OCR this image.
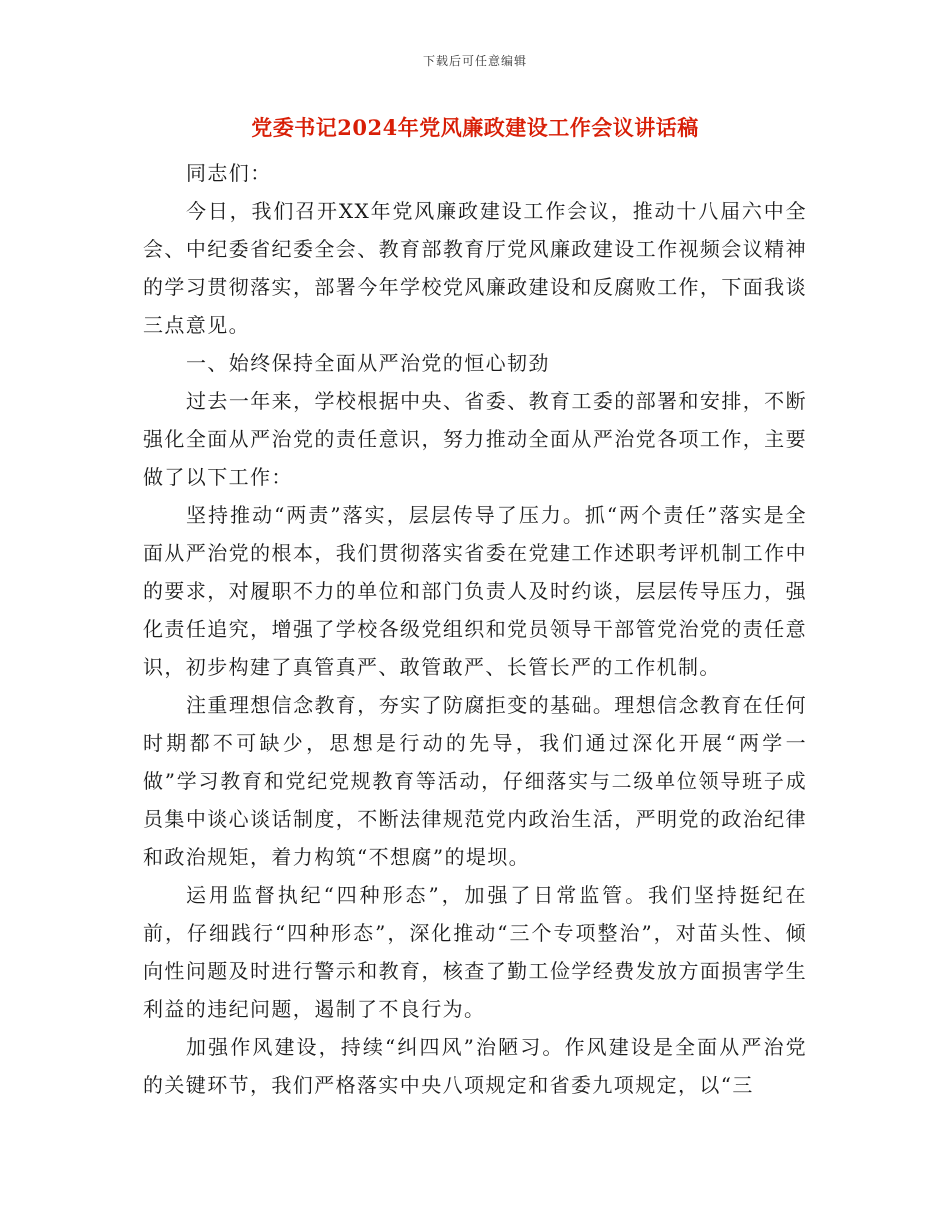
下载后可任意编辑
党委书记2024年党风廉政建设工作会议讲话稿

同志们：

今日，我们召开XX年党风廉政建设工作会议，推动十八届六中全会、中纪委省纪委全会、教育部教育厅党风廉政建设工作视频会议精神的学习贯彻落实，部署今年学校党风廉政建设和反腐败工作，下面我谈三点意见。

一、始终保持全面从严治党的恒心韧劲

过去一年来，学校根据中央、省委、教育工委的部署和安排，不断强化全面从严治党的责任意识，努力推动全面从严治党各项工作，主要做了以下工作：

坚持推动“两责”落实，层层传导了压力。抓“两个责任”落实是全面从严治党的根本，我们贯彻落实省委在党建工作述职考评机制工作中的要求，对履职不力的单位和部门负责人及时约谈，层层传导压力，强化责任追究，增强了学校各级党组织和党员领导干部管党治党的责任意识，初步构建了真管真严、敢管敢严、长管长严的工作机制。

注重理想信念教育，夯实了防腐拒变的基础。理想信念教育在任何时期都不可缺少，思想是行动的先导，我们通过深化开展“两学一做”学习教育和党纪党规教育等活动，仔细落实与二级单位领导班子成员集中谈心谈话制度，不断法律规范党内政治生活，严明党的政治纪律和政治规矩，着力构筑“不想腐”的堤坝。

运用监督执纪“四种形态”，加强了日常监管。我们坚持挺纪在前，仔细践行“四种形态”，深化推动“三个专项整治”，对苗头性、倾向性问题及时进行警示和教育，核查了勤工俭学经费发放方面损害学生利益的违纪问题，遏制了不良行为。

加强作风建设，持续“纠四风”治陋习。作风建设是全面从严治党的关键环节，我们严格落实中央八项规定和省委九项规定，以“三
